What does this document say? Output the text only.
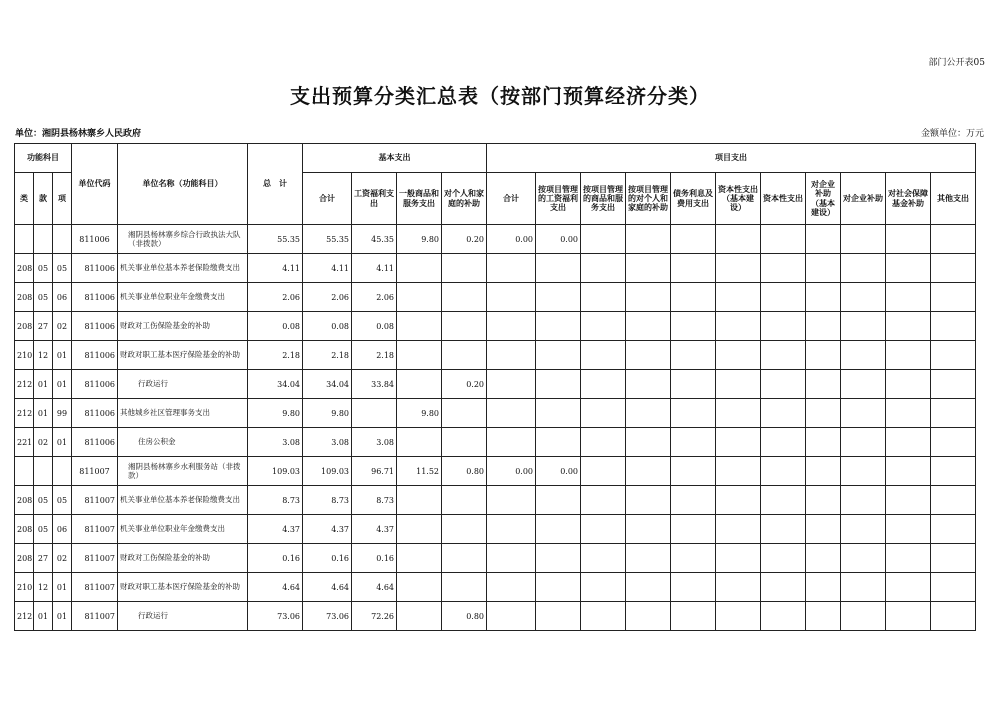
部门公开表05
支出预算分类汇总表（按部门预算经济分类）
单位：湘阴县杨林寨乡人民政府	金额单位：万元
功能科目			单位代码	单位名称（功能科目）	总　计	基本支出				项目支出										
类	款	项				合计	工资福利支出	一般商品和服务支出	对个人和家庭的补助	合计	按项目管理的工资福利支出	按项目管理的商品和服务支出	按项目管理的对个人和家庭的补助	债务利息及费用支出	资本性支出（基本建设）	资本性支出	对企业补助（基本建设）	对企业补助	对社会保障基金补助	其他支出
			811006	湘阴县杨林寨乡综合行政执法大队（非拨款）	55.35	55.35	45.35	9.80	0.20	0.00	0.00									
208	05	05	811006	机关事业单位基本养老保险缴费支出	4.11	4.11	4.11													
208	05	06	811006	机关事业单位职业年金缴费支出	2.06	2.06	2.06													
208	27	02	811006	财政对工伤保险基金的补助	0.08	0.08	0.08													
210	12	01	811006	财政对职工基本医疗保险基金的补助	2.18	2.18	2.18													
212	01	01	811006	行政运行	34.04	34.04	33.84		0.20											
212	01	99	811006	其他城乡社区管理事务支出	9.80	9.80		9.80												
221	02	01	811006	住房公积金	3.08	3.08	3.08													
			811007	湘阴县杨林寨乡水利服务站（非拨款）	109.03	109.03	96.71	11.52	0.80	0.00	0.00									
208	05	05	811007	机关事业单位基本养老保险缴费支出	8.73	8.73	8.73													
208	05	06	811007	机关事业单位职业年金缴费支出	4.37	4.37	4.37													
208	27	02	811007	财政对工伤保险基金的补助	0.16	0.16	0.16													
210	12	01	811007	财政对职工基本医疗保险基金的补助	4.64	4.64	4.64													
212	01	01	811007	行政运行	73.06	73.06	72.26		0.80											
